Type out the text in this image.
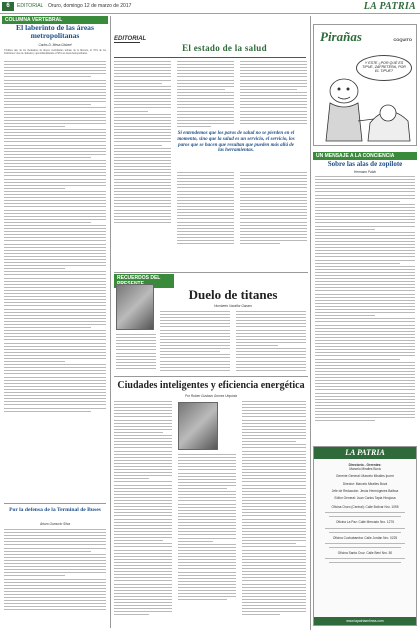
6	EDITORIAL Oruro, domingo 12 de marzo de 2017	LA PATRIA
COLUMNA VERTEBRAL
El laberinto de las áreas metropolitanas
Carlos D. Mesa Gisbert
Vivimos uno de los momentos de mayor crecimiento urbano de la historia, el 70% de los bolivianos vive en ciudades y aproximadamente el 50% en áreas metropolitanas.
Por la defensa de la Terminal de Buses
Arturo Gumucio Silva
EDITORIAL
El estado de la salud
Si entendemos que los paros de salud no se pierden en el momento, sino que la salud es un servicio, el servicio, los paros que se hacen que resultan que pueden más allá de las herramientas.
Pirañas	COQUITO
Y ESTE ¿POR QUÉ ES TIPUE, ZAFRETERA, POR EL TIPUE?
UN MENSAJE A LA CONCIENCIA
Sobre las alas de zopilote
Hermano Pablo
LA PATRIA
Directorio - Gerentes:
Marcelo Miralles Bová
Gerente General: Marcelo Miralles Iporre
Director: Marcelo Miralles Bová
Jefe de Redacción: Jesús Hermógenes Balboa
Editor General: Juan Carlos Tapia Hinojosa
Oficina Oruro (Central): Calle Bolívar Nro. 1095
Oficina La Paz: Calle Mercado Nro. 1275
Oficina Cochabamba: Calle Jordán Nro. 0225
Oficina Santa Cruz: Calle Beni Nro. 50
www.lapatriaenlinea.com
RECUERDOS DEL
Duelo de titanes
Humberto Vacaflor Ganam
Ciudades inteligentes y eficiencia energética
Por Ruben Gustavo Gomez Urquiola
